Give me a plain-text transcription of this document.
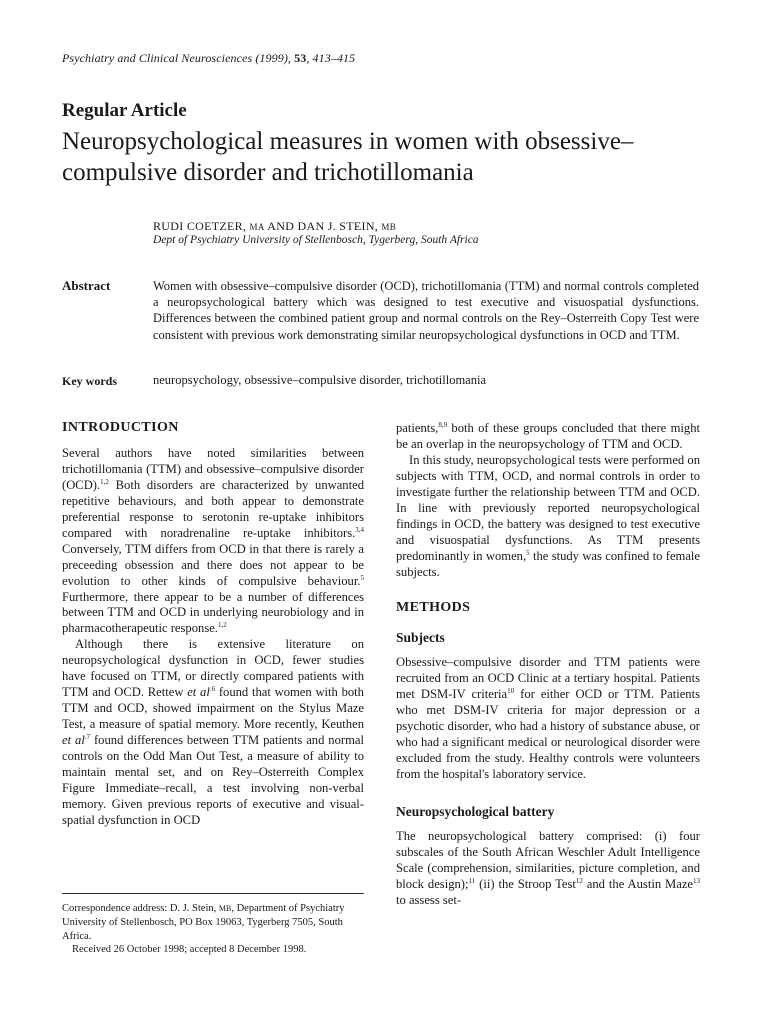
Psychiatry and Clinical Neurosciences (1999), 53, 413–415
Regular Article
Neuropsychological measures in women with obsessive–compulsive disorder and trichotillomania
RUDI COETZER, MA AND DAN J. STEIN, MB
Dept of Psychiatry University of Stellenbosch, Tygerberg, South Africa
Abstract	Women with obsessive–compulsive disorder (OCD), trichotillomania (TTM) and normal controls completed a neuropsychological battery which was designed to test executive and visuospatial dysfunctions. Differences between the combined patient group and normal controls on the Rey–Osterreith Copy Test were consistent with previous work demonstrating similar neuropsychological dysfunctions in OCD and TTM.
Key words	neuropsychology, obsessive–compulsive disorder, trichotillomania
INTRODUCTION

Several authors have noted similarities between trichotillomania (TTM) and obsessive–compulsive disorder (OCD).$^{1,2}$ Both disorders are characterized by unwanted repetitive behaviours, and both appear to demonstrate preferential response to serotonin re-uptake inhibitors compared with noradrenaline re-uptake inhibitors.$^{3,4}$ Conversely, TTM differs from OCD in that there is rarely a preceeding obsession and there does not appear to be evolution to other kinds of compulsive behaviour.$^5$ Furthermore, there appear to be a number of differences between TTM and OCD in underlying neurobiology and in pharmacotherapeutic response.$^{1,2}$

Although there is extensive literature on neuropsychological dysfunction in OCD, fewer studies have focused on TTM, or directly compared patients with TTM and OCD. Rettew et $al^{.6}$ found that women with both TTM and OCD, showed impairment on the Stylus Maze Test, a measure of spatial memory. More recently, Keuthen et $al^{.7}$ found differences between TTM patients and normal controls on the Odd Man Out Test, a measure of ability to maintain mental set, and on Rey–Osterreith Complex Figure Immediate–recall, a test involving non-verbal memory. Given previous reports of executive and visual-spatial dysfunction in OCD

patients,$^{8,9}$ both of these groups concluded that there might be an overlap in the neuropsychology of TTM and OCD.

In this study, neuropsychological tests were performed on subjects with TTM, OCD, and normal controls in order to investigate further the relationship between TTM and OCD. In line with previously reported neuropsychological findings in OCD, the battery was designed to test executive and visuospatial dysfunctions. As TTM presents predominantly in women,$^5$ the study was confined to female subjects.

METHODS
Subjects

Obsessive–compulsive disorder and TTM patients were recruited from an OCD Clinic at a tertiary hospital. Patients met DSM-IV criteria$^{10}$ for either OCD or TTM. Patients who met DSM-IV criteria for major depression or a psychotic disorder, who had a history of substance abuse, or who had a significant medical or neurological disorder were excluded from the study. Healthy controls were volunteers from the hospital's laboratory service.

Neuropsychological battery

The neuropsychological battery comprised: (i) four subscales of the South African Weschler Adult Intelligence Scale (comprehension, similarities, picture completion, and block design);$^{11}$ (ii) the Stroop Test$^{12}$ and the Austin Maze$^{13}$ to assess set-

Correspondence address: D. J. Stein, MB, Department of Psychiatry University of Stellenbosch, PO Box 19063, Tygerberg 7505, South Africa.
Received 26 October 1998; accepted 8 December 1998.
